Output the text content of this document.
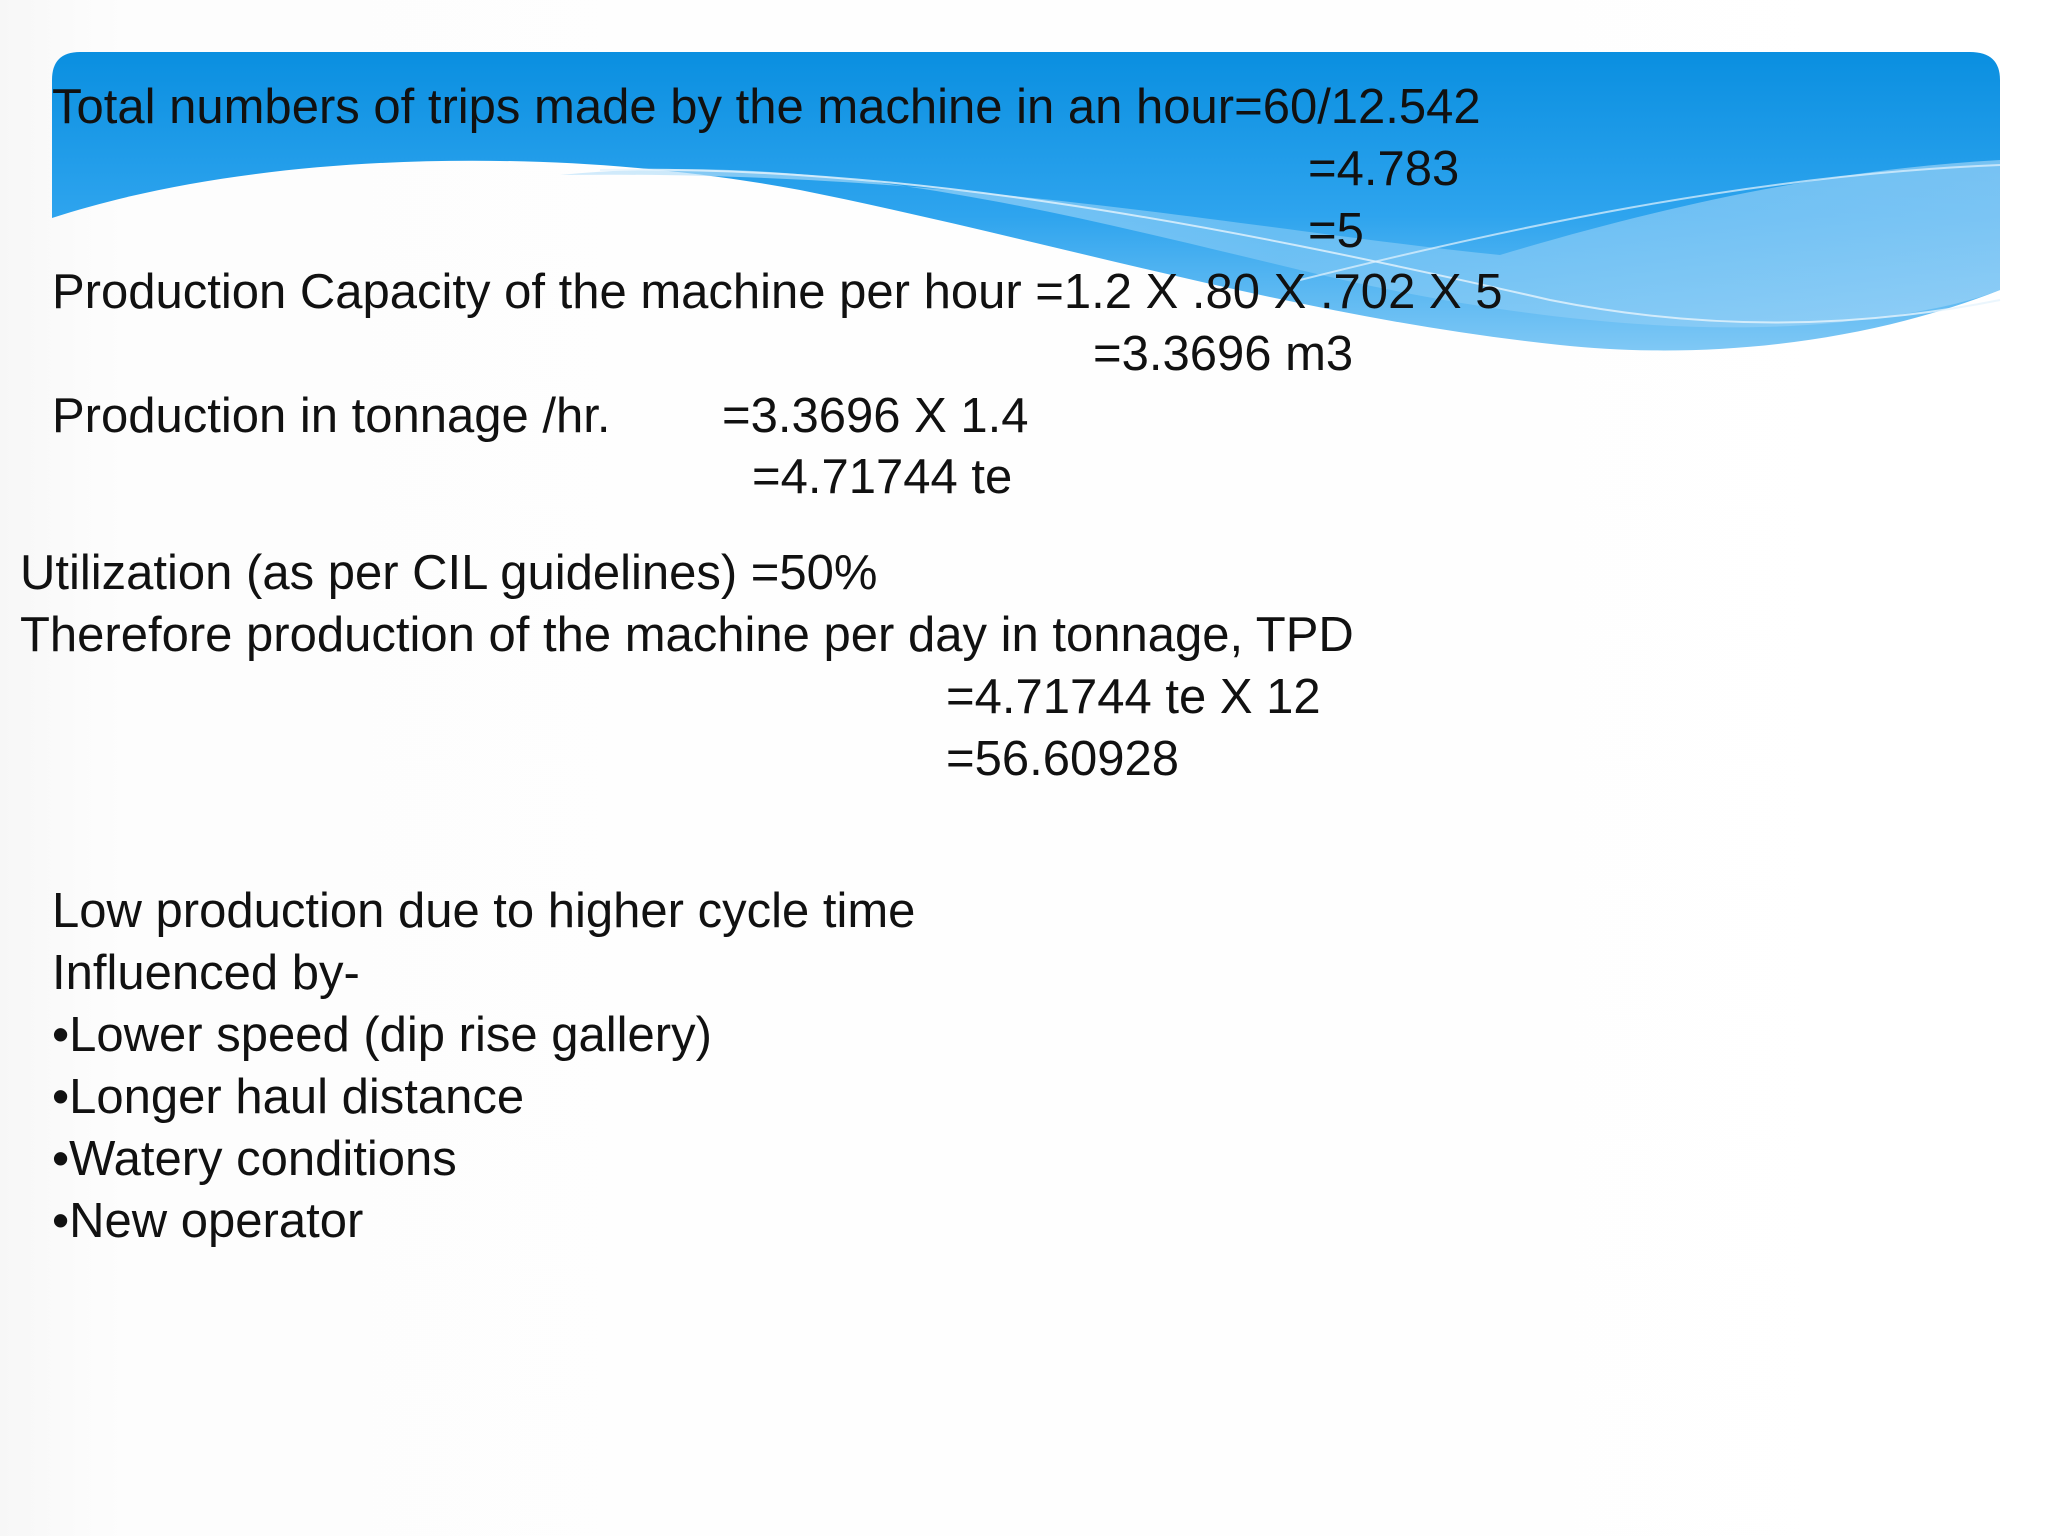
Total numbers of trips made by the machine in an hour=60/12.542
=4.783
=5
Production Capacity of the machine per hour =1.2 X .80 X .702 X 5
=3.3696 m3
Production in tonnage /hr. =3.3696 X 1.4
=4.71744 te
Utilization (as per CIL guidelines) =50%
Therefore production of the machine per day in tonnage, TPD
=4.71744 te X 12
=56.60928
Low production due to higher cycle time
Influenced by-
•Lower speed (dip rise gallery)
•Longer haul distance
•Watery conditions
•New operator
